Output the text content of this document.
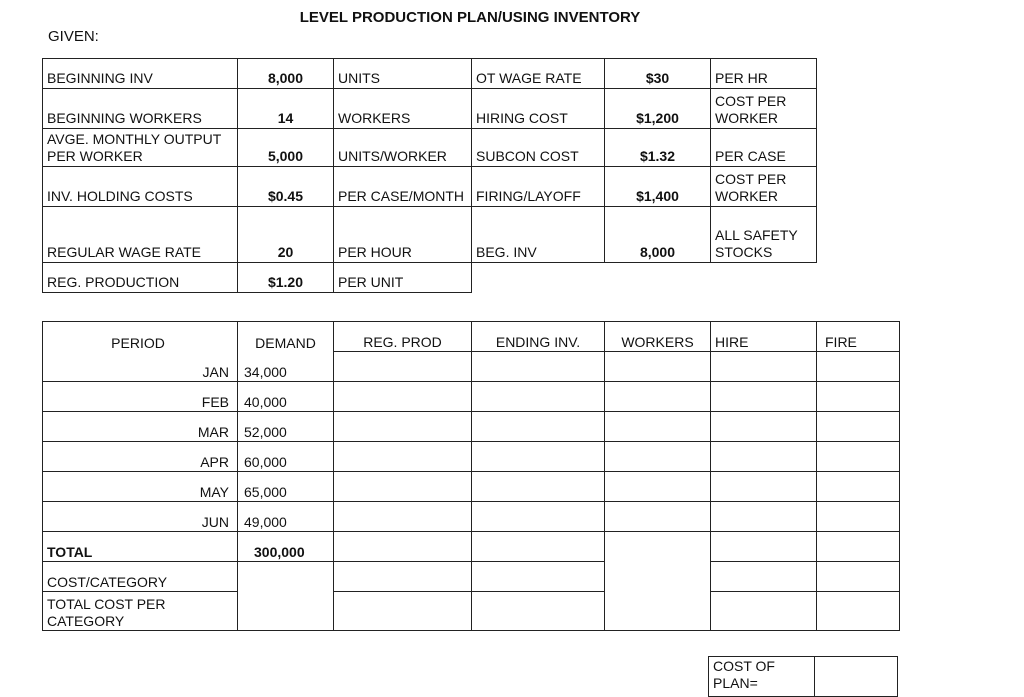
LEVEL PRODUCTION PLAN/USING INVENTORY
GIVEN:
BEGINNING INV	8,000	UNITS	OT WAGE RATE	$30	PER HR
BEGINNING WORKERS	14	WORKERS	HIRING COST	$1,200	COST PER WORKER
AVGE. MONTHLY OUTPUT PER WORKER	5,000	UNITS/WORKER	SUBCON COST	$1.32	PER CASE
INV. HOLDING COSTS	$0.45	PER CASE/MONTH	FIRING/LAYOFF	$1,400	COST PER WORKER
REGULAR WAGE RATE	20	PER HOUR	BEG. INV	8,000	ALL SAFETY STOCKS
REG. PRODUCTION	$1.20	PER UNIT			
PERIOD	DEMAND	REG. PROD	ENDING INV.	WORKERS	HIRE	FIRE
JAN	34,000					
FEB	40,000					
MAR	52,000					
APR	60,000					
MAY	65,000					
JUN	49,000					
TOTAL	300,000					
COST/CATEGORY						
TOTAL COST PER CATEGORY						
COST OF PLAN=	
